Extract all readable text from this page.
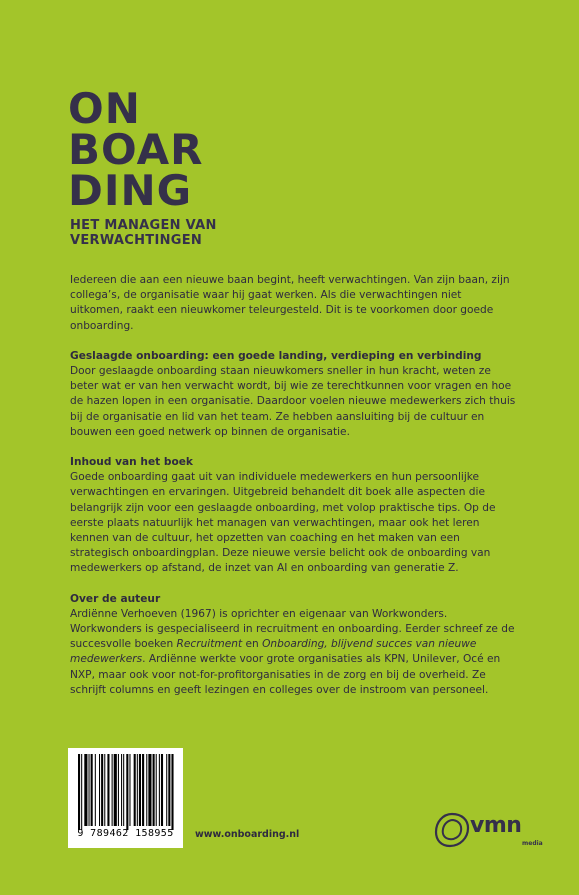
ON
BOAR
DING
HET MANAGEN VAN
VERWACHTINGEN

Iedereen die aan een nieuwe baan begint, heeft verwachtingen. Van zijn baan, zijn collega’s, de organisatie waar hij gaat werken. Als die verwachtingen niet uitkomen, raakt een nieuwkomer teleurgesteld. Dit is te voorkomen door goede onboarding.

Geslaagde onboarding: een goede landing, verdieping en verbinding
Door geslaagde onboarding staan nieuwkomers sneller in hun kracht, weten ze beter wat er van hen verwacht wordt, bij wie ze terechtkunnen voor vragen en hoe de hazen lopen in een organisatie. Daardoor voelen nieuwe medewerkers zich thuis bij de organisatie en lid van het team. Ze hebben aansluiting bij de cultuur en bouwen een goed netwerk op binnen de organisatie.

Inhoud van het boek
Goede onboarding gaat uit van individuele medewerkers en hun persoonlijke verwachtingen en ervaringen. Uitgebreid behandelt dit boek alle aspecten die belangrijk zijn voor een geslaagde onboarding, met volop praktische tips. Op de eerste plaats natuurlijk het managen van verwachtingen, maar ook het leren kennen van de cultuur, het opzetten van coaching en het maken van een strategisch onboardingplan. Deze nieuwe versie belicht ook de onboarding van medewerkers op afstand, de inzet van AI en onboarding van generatie Z.

Over de auteur
Ardiënne Verhoeven (1967) is oprichter en eigenaar van Workwonders. Workwonders is gespecialiseerd in recruitment en onboarding. Eerder schreef ze de succesvolle boeken Recruitment en Onboarding, blijvend succes van nieuwe medewerkers. Ardiënne werkte voor grote organisaties als KPN, Unilever, Océ en NXP, maar ook voor not-for-profitorganisaties in de zorg en bij de overheid. Ze schrijft columns en geeft lezingen en colleges over de instroom van personeel.

9 789462 158955	www.onboarding.nl	vmn
media
